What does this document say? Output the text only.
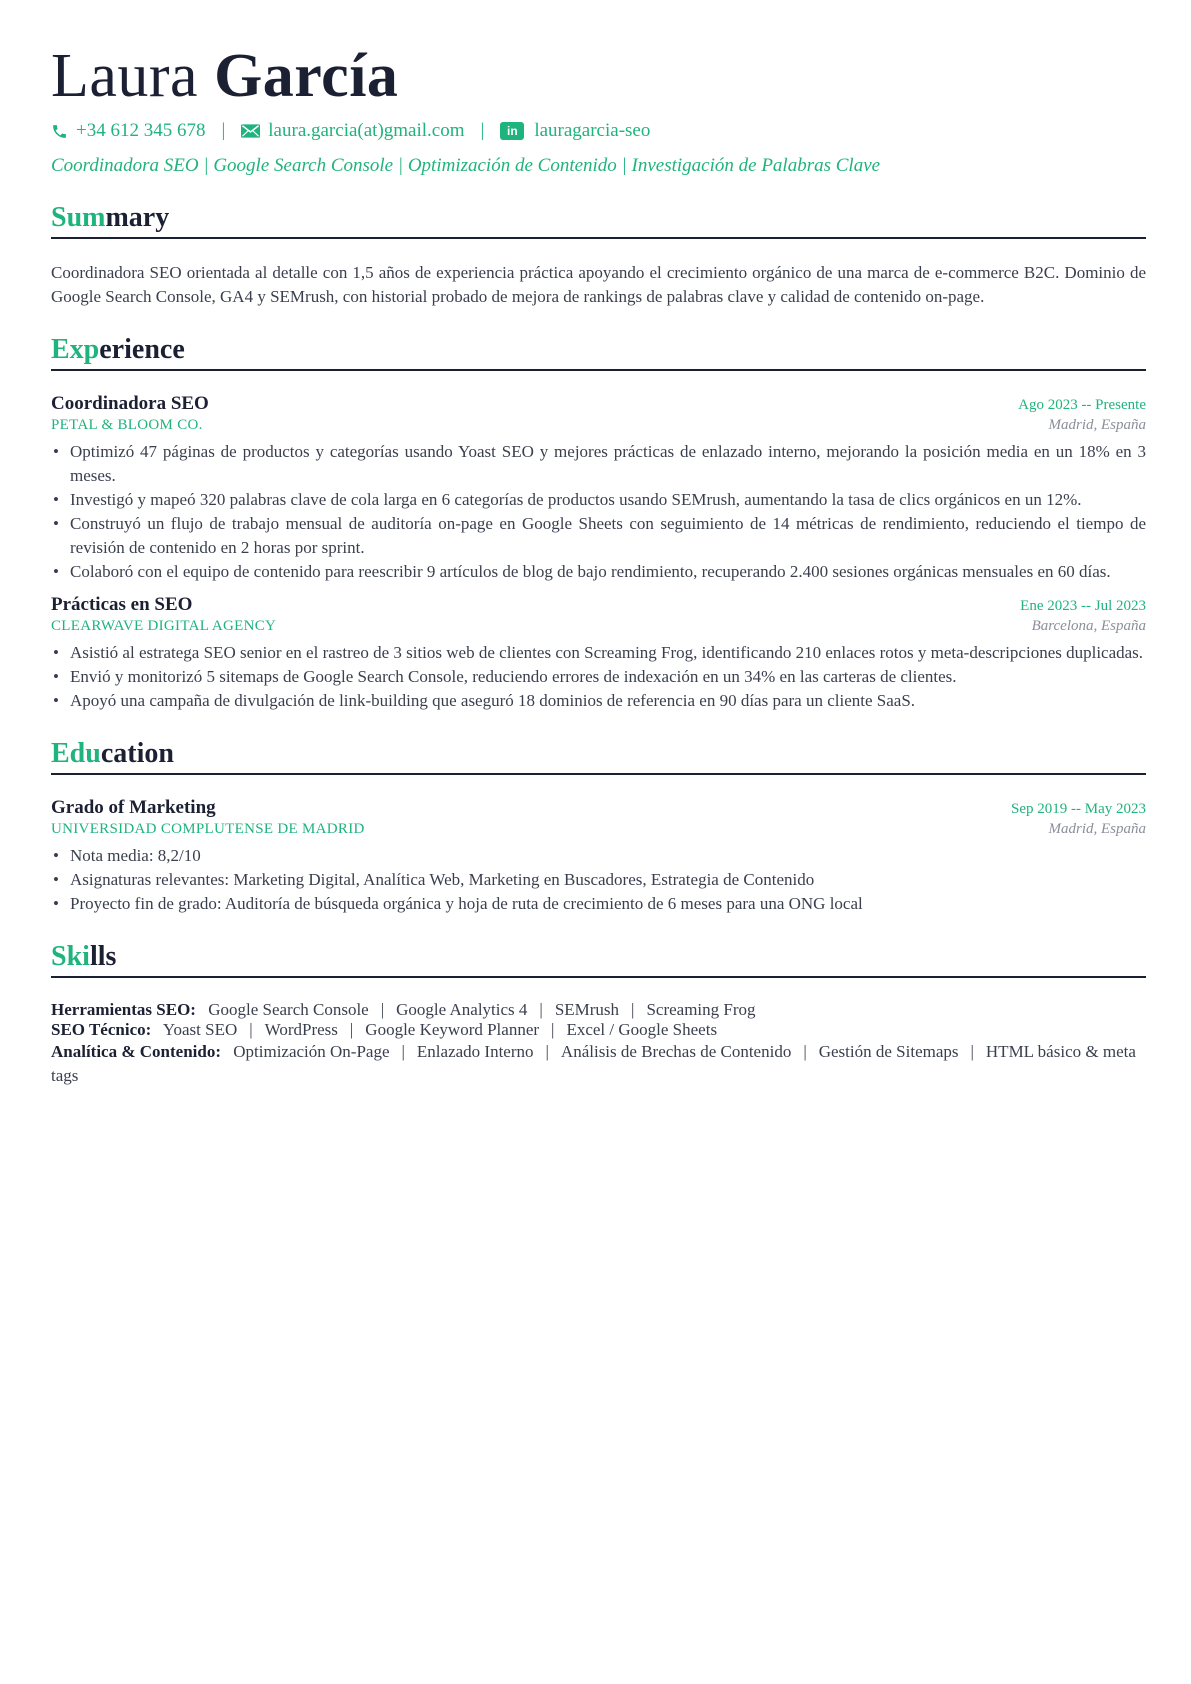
Laura García
+34 612 345 678 | laura.garcia(at)gmail.com |	in lauragarcia-seo
Coordinadora SEO | Google Search Console | Optimización de Contenido | Investigación de Palabras Clave
Summary

Coordinadora SEO orientada al detalle con 1,5 años de experiencia práctica apoyando el crecimiento orgánico de una marca de e-commerce B2C. Dominio de Google Search Console, GA4 y SEMrush, con historial probado de mejora de rankings de palabras clave y calidad de contenido on-page.

Experience
Coordinadora SEO	Ago 2023 -- Presente
PETAL & BLOOM CO.	Madrid, España
• Optimizó 47 páginas de productos y categorías usando Yoast SEO y mejores prácticas de enlazado interno, mejorando la posición media en un 18% en 3 meses.
• Investigó y mapeó 320 palabras clave de cola larga en 6 categorías de productos usando SEMrush, aumentando la tasa de clics orgánicos en un 12%.
• Construyó un flujo de trabajo mensual de auditoría on-page en Google Sheets con seguimiento de 14 métricas de rendimiento, reduciendo el tiempo de revisión de contenido en 2 horas por sprint.
• Colaboró con el equipo de contenido para reescribir 9 artículos de blog de bajo rendimiento, recuperando 2.400 sesiones orgánicas mensuales en 60 días.
Prácticas en SEO	Ene 2023 -- Jul 2023
CLEARWAVE DIGITAL AGENCY	Barcelona, España
• Asistió al estratega SEO senior en el rastreo de 3 sitios web de clientes con Screaming Frog, identificando 210 enlaces rotos y meta-descripciones duplicadas.
• Envió y monitorizó 5 sitemaps de Google Search Console, reduciendo errores de indexación en un 34% en las carteras de clientes.
• Apoyó una campaña de divulgación de link-building que aseguró 18 dominios de referencia en 90 días para un cliente SaaS.
Education
Grado of Marketing	Sep 2019 -- May 2023
UNIVERSIDAD COMPLUTENSE DE MADRID	Madrid, España
• Nota media: 8,2/10
• Asignaturas relevantes: Marketing Digital, Analítica Web, Marketing en Buscadores, Estrategia de Contenido
• Proyecto fin de grado: Auditoría de búsqueda orgánica y hoja de ruta de crecimiento de 6 meses para una ONG local
Skills
Herramientas SEO: Google Search Console | Google Analytics 4 | SEMrush | Screaming Frog
SEO Técnico: Yoast SEO | WordPress | Google Keyword Planner | Excel / Google Sheets
Analítica & Contenido: Optimización On-Page | Enlazado Interno | Análisis de Brechas de Contenido | Gestión de Sitemaps | HTML básico & meta tags
